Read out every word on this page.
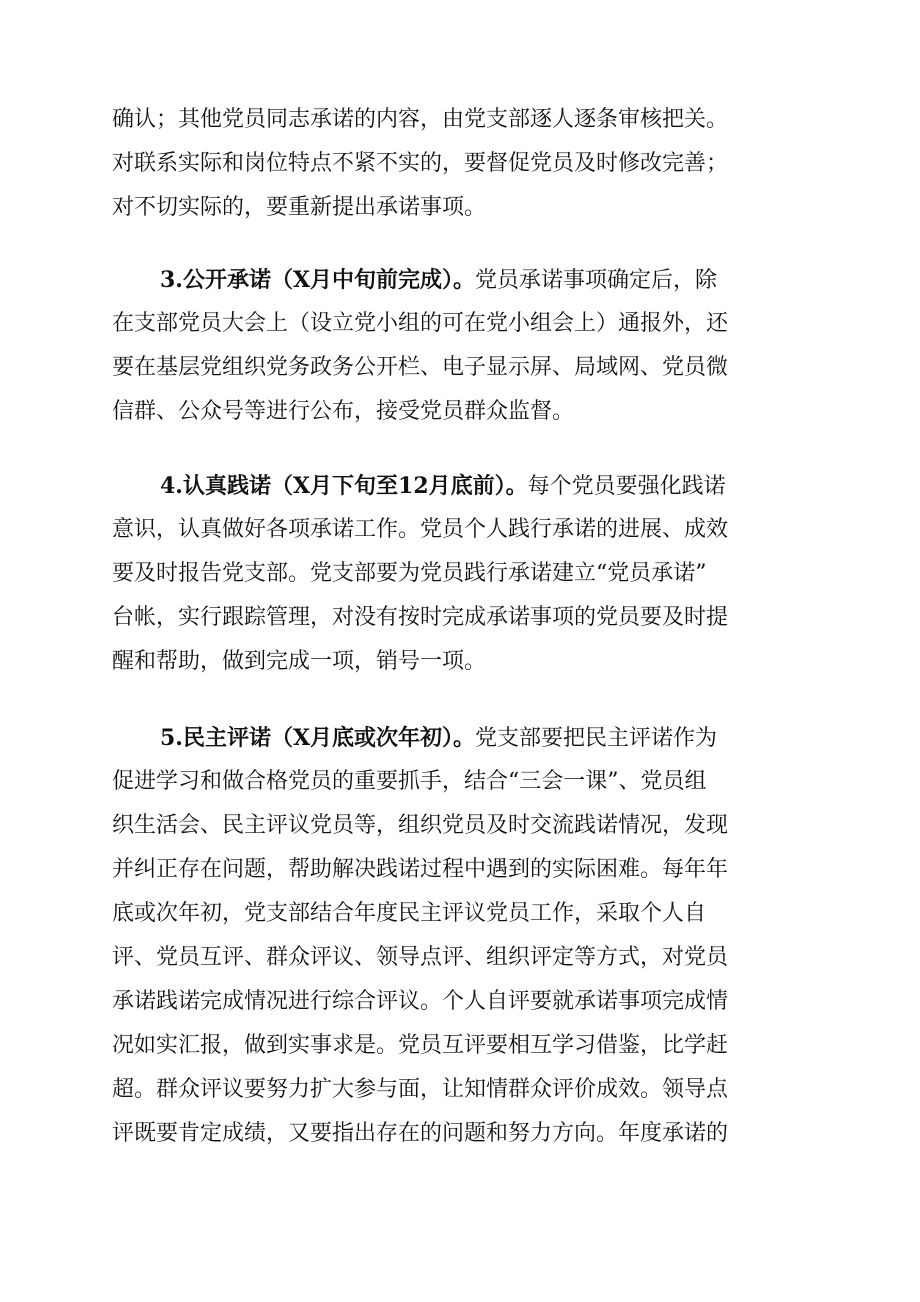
确认；其他党员同志承诺的内容，由党支部逐人逐条审核把关。
对联系实际和岗位特点不紧不实的，要督促党员及时修改完善；
对不切实际的，要重新提出承诺事项。
3.公开承诺（X月中旬前完成）。党员承诺事项确定后，除
在支部党员大会上（设立党小组的可在党小组会上）通报外，还
要在基层党组织党务政务公开栏、电子显示屏、局域网、党员微
信群、公众号等进行公布，接受党员群众监督。
4.认真践诺（X月下旬至12月底前）。每个党员要强化践诺
意识，认真做好各项承诺工作。党员个人践行承诺的进展、成效
要及时报告党支部。党支部要为党员践行承诺建立“党员承诺”
台帐，实行跟踪管理，对没有按时完成承诺事项的党员要及时提
醒和帮助，做到完成一项，销号一项。
5.民主评诺（X月底或次年初）。党支部要把民主评诺作为
促进学习和做合格党员的重要抓手，结合“三会一课”、党员组
织生活会、民主评议党员等，组织党员及时交流践诺情况，发现
并纠正存在问题，帮助解决践诺过程中遇到的实际困难。每年年
底或次年初，党支部结合年度民主评议党员工作，采取个人自
评、党员互评、群众评议、领导点评、组织评定等方式，对党员
承诺践诺完成情况进行综合评议。个人自评要就承诺事项完成情
况如实汇报，做到实事求是。党员互评要相互学习借鉴，比学赶
超。群众评议要努力扩大参与面，让知情群众评价成效。领导点
评既要肯定成绩，又要指出存在的问题和努力方向。年度承诺的
